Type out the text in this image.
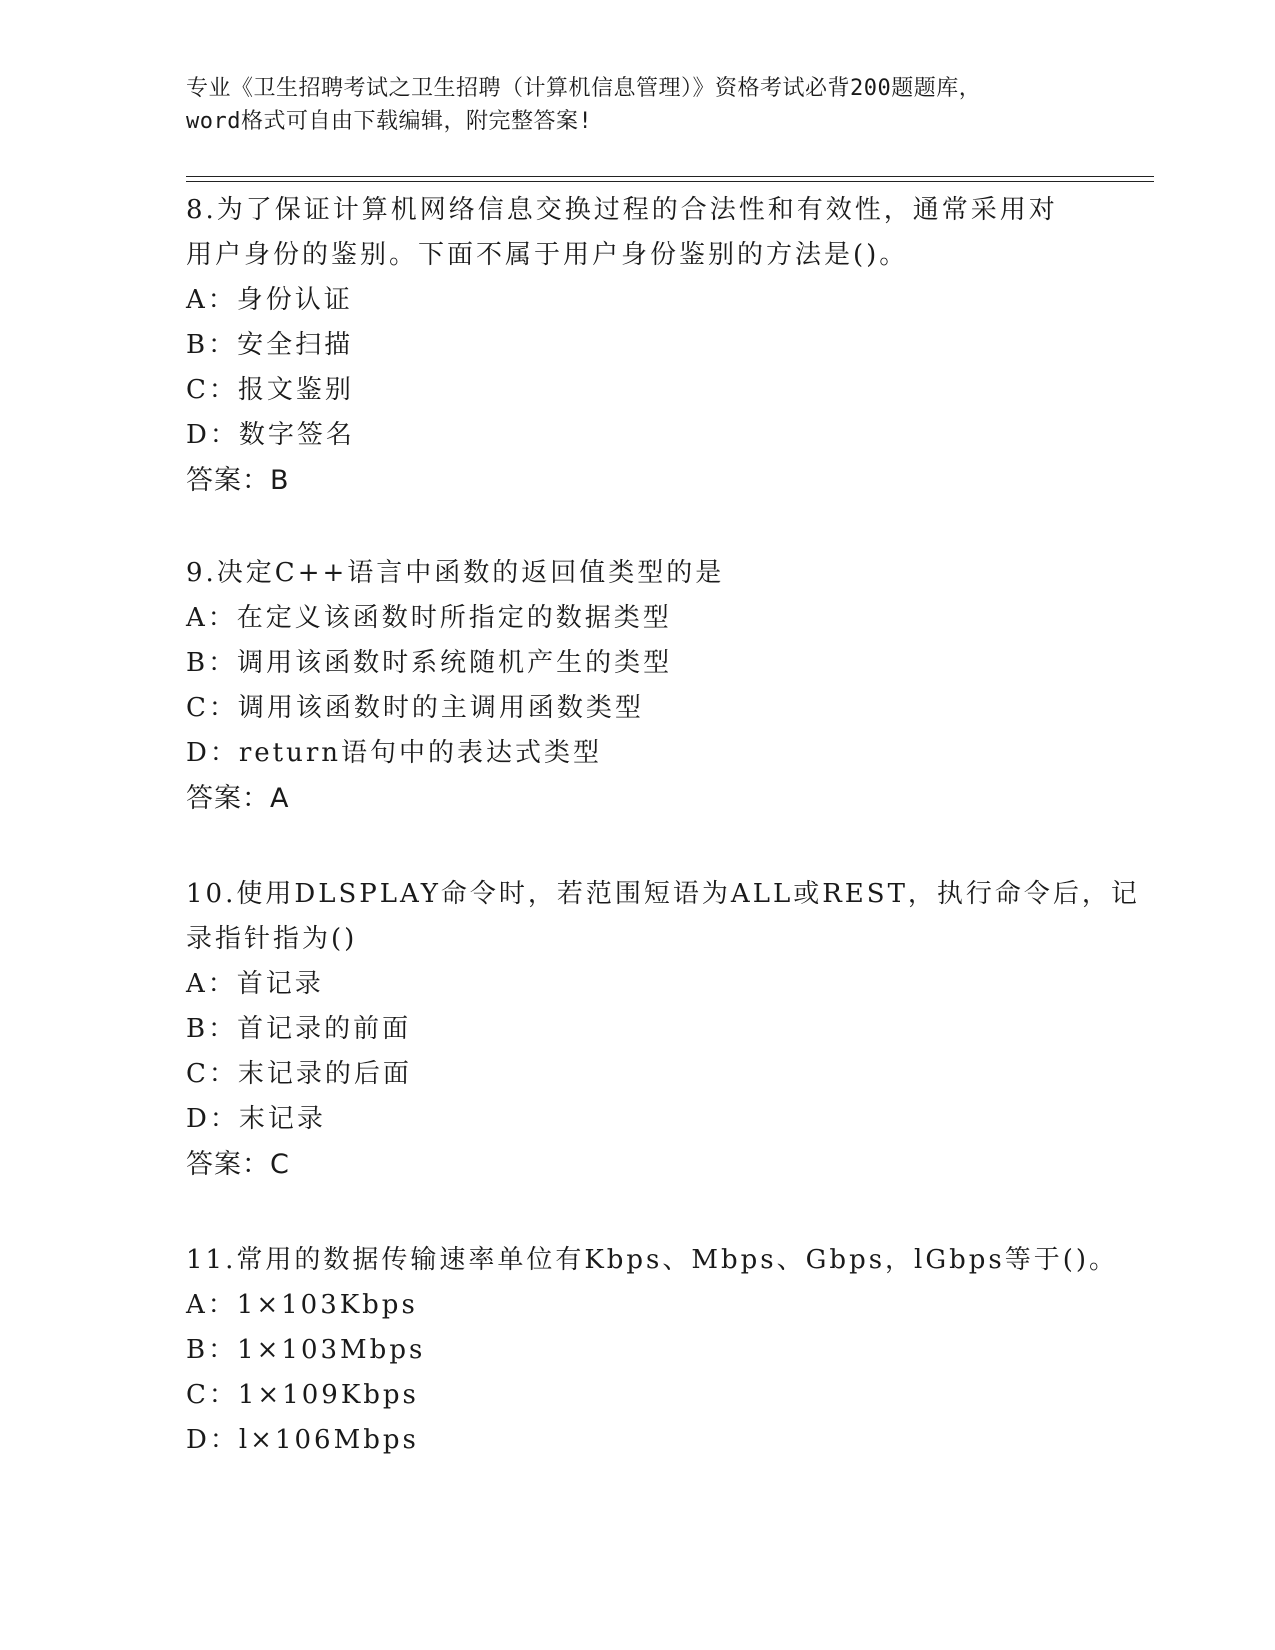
专业《卫生招聘考试之卫生招聘（计算机信息管理）》资格考试必背200题题库，
word格式可自由下载编辑，附完整答案!
8.为了保证计算机网络信息交换过程的合法性和有效性，通常采用对
用户身份的鉴别。下面不属于用户身份鉴别的方法是()。
A：身份认证
B：安全扫描
C：报文鉴别
D：数字签名
答案：B
9.决定C++语言中函数的返回值类型的是
A：在定义该函数时所指定的数据类型
B：调用该函数时系统随机产生的类型
C：调用该函数时的主调用函数类型
D：return语句中的表达式类型
答案：A
10.使用DLSPLAY命令时，若范围短语为ALL或REST，执行命令后，记
录指针指为()
A：首记录
B：首记录的前面
C：末记录的后面
D：末记录
答案：C
11.常用的数据传输速率单位有Kbps、Mbps、Gbps，lGbps等于()。
A：1×103Kbps
B：1×103Mbps
C：1×109Kbps
D：l×106Mbps
